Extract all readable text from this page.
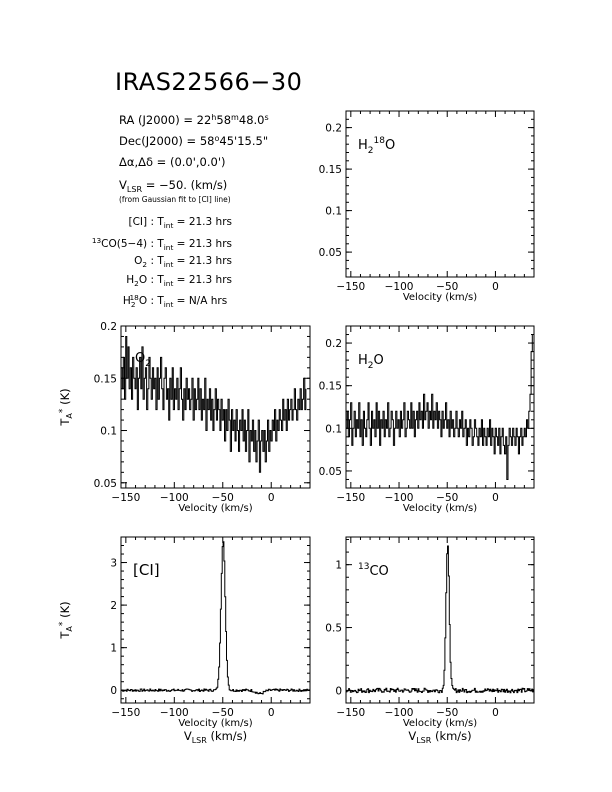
IRAS22566−30
RA $(J2000) = 22^h58^m48.0^s$
$Dec(J2000) = 58^o45'15.5$"
Δα,Δδ = (0.0',0.0')
$V_{LSR} = -50$. (km/s)
(from Gaussian fit to [CI] line)
[CI] : $T_{int} = 21.3$ hrs
$^{13}$CO(5−4) : $T_{int} = 21.3$ hrs
$O_2$ : $T_{int} = 21.3$ hrs
$H_2O$ : $T_{int} = 21.3$ hrs
$H_2^{18}O$ : $T_{int} = N/A$ hrs
−150 −100 −50	0
0.05
0.1
0.15
0.2
Velocity (km/s)
$H_2^{18}O$
−150 −100 −50	0
0.05
0.1
0.15
0.2
Velocity (km/s)
$T_A^*$ (K)
$O_2$
−150 −100 −50	0
0.05
0.1
0.15
0.2
Velocity (km/s)
$H_2O$
−150 −100 −50	0
0
1
2
3
Velocity (km/s)
$V_{LSR}$ (km/s)
$T_A^*$ (K)
[CI]
−150 −100 −50	0
0
0.5
1
Velocity (km/s)
$V_{LSR}$ (km/s)
$^{13}$CO
